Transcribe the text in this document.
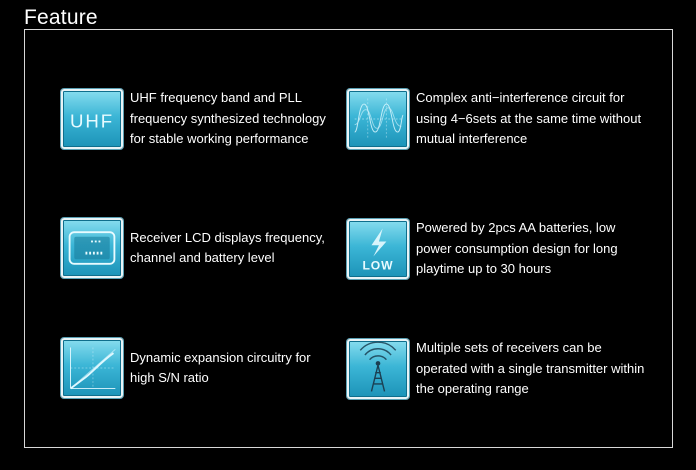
Feature
UHF
UHF frequency band and PLL
frequency synthesized technology
for stable working performance
Complex anti−interference circuit for
using 4−6sets at the same time without
mutual interference
Receiver LCD displays frequency,
channel and battery level
LOW
Powered by 2pcs AA batteries, low
power consumption design for long
playtime up to 30 hours
Dynamic expansion circuitry for
high S/N ratio
Multiple sets of receivers can be
operated with a single transmitter within
the operating range
